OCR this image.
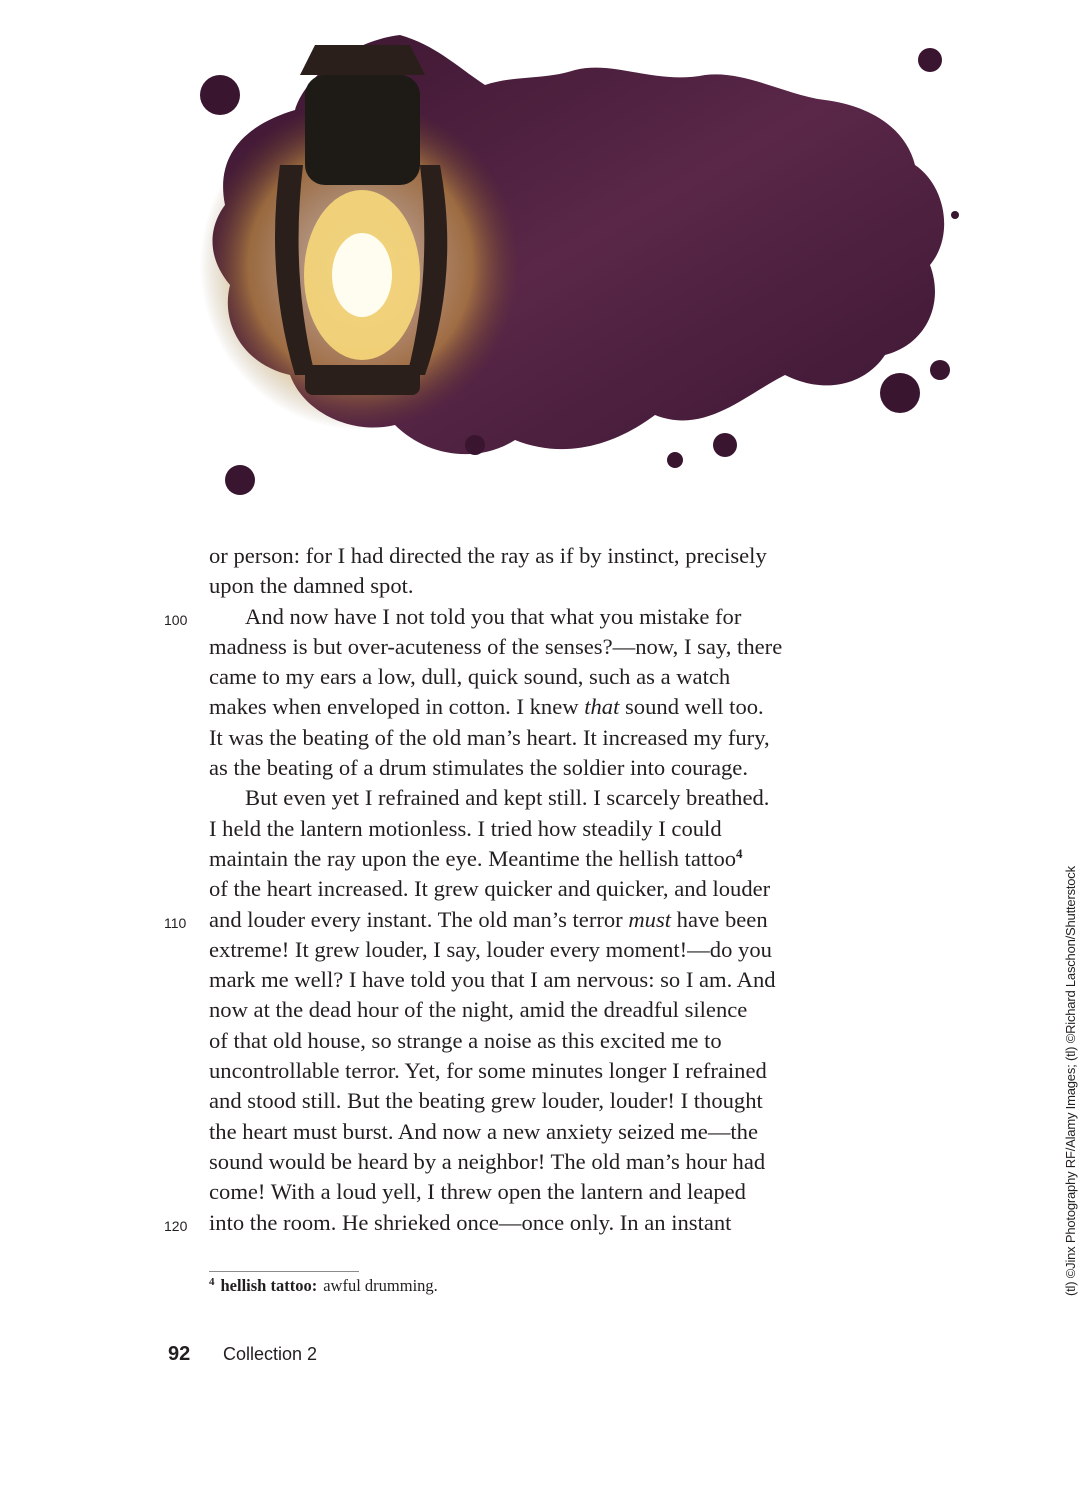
or person: for I had directed the ray as if by instinct, precisely
upon the damned spot.
100	And now have I not told you that what you mistake for
madness is but over-acuteness of the senses?—now, I say, there
came to my ears a low, dull, quick sound, such as a watch
makes when enveloped in cotton. I knew that sound well too.
It was the beating of the old man’s heart. It increased my fury,
as the beating of a drum stimulates the soldier into courage.
But even yet I refrained and kept still. I scarcely breathed.
I held the lantern motionless. I tried how steadily I could
maintain the ray upon the eye. Meantime the hellish tattoo$^4$
of the heart increased. It grew quicker and quicker, and louder
110 and louder every instant. The old man’s terror must have been
extreme! It grew louder, I say, louder every moment!—do you
mark me well? I have told you that I am nervous: so I am. And
now at the dead hour of the night, amid the dreadful silence
of that old house, so strange a noise as this excited me to
uncontrollable terror. Yet, for some minutes longer I refrained
and stood still. But the beating grew louder, louder! I thought
the heart must burst. And now a new anxiety seized me—the
sound would be heard by a neighbor! The old man’s hour had
come! With a loud yell, I threw open the lantern and leaped
120 into the room. He shrieked once—once only. In an instant
$^4$ hellish tattoo: awful drumming.
92 Collection 2
(tl) ©Jinx Photography RF/Alamy Images; (tl) ©Richard Laschon/Shutterstock
